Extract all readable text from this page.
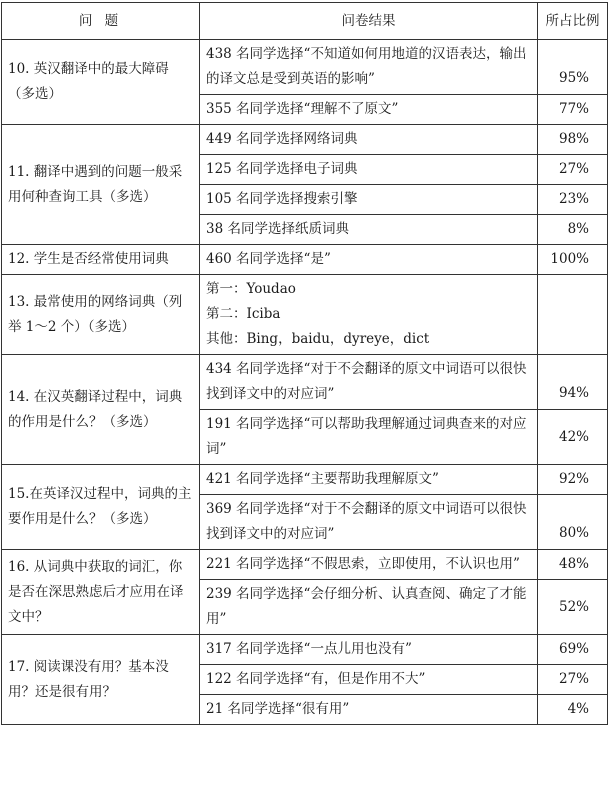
问 题	问卷结果	所占比例
10. 英汉翻译中的最大障碍（多选）	438 名同学选择“不知道如何用地道的汉语表达，输出的译文总是受到英语的影响”	95%
	355 名同学选择“理解不了原文”	77%
11. 翻译中遇到的问题一般采用何种查询工具（多选）	449 名同学选择网络词典	98%
	125 名同学选择电子词典	27%
	105 名同学选择搜索引擎	23%
	38 名同学选择纸质词典	8%
12. 学生是否经常使用词典	460 名同学选择“是”	100%
13. 最常使用的网络词典（列举 1～2 个）（多选）	第一：Youdao
第二：Iciba
其他：Bing，baidu，dyreye，dict	

14. 在汉英翻译过程中，词典的作用是什么？（多选）	434 名同学选择“对于不会翻译的原文中词语可以很快找到译文中的对应词”	94%
	191 名同学选择“可以帮助我理解通过词典查来的对应词”	42%
15.在英译汉过程中，词典的主要作用是什么？（多选）	421 名同学选择“主要帮助我理解原文”	92%
	369 名同学选择“对于不会翻译的原文中词语可以很快找到译文中的对应词”	80%
16. 从词典中获取的词汇，你是否在深思熟虑后才应用在译文中？	221 名同学选择“不假思索，立即使用，不认识也用”	48%
	239 名同学选择“会仔细分析、认真查阅、确定了才能用”	52%
17. 阅读课没有用？基本没用？还是很有用？	317 名同学选择“一点儿用也没有”	69%
	122 名同学选择“有，但是作用不大”	27%
	21 名同学选择“很有用”	4%
